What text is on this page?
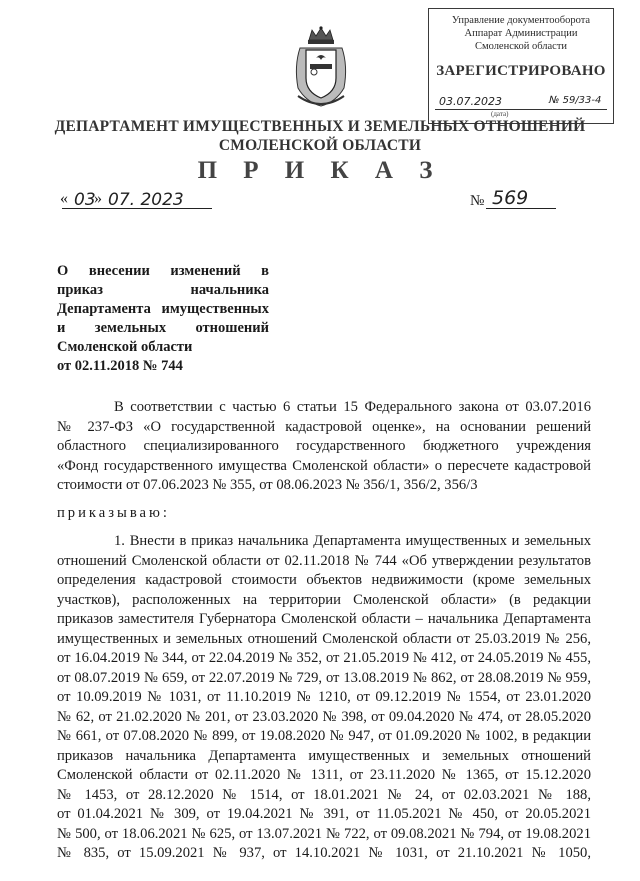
Управление документооборота
Аппарат Администрации
Смоленской области
ЗАРЕГИСТРИРОВАНО
03.07.2023	№ 59/33-4
(дата)
ДЕПАРТАМЕНТ ИМУЩЕСТВЕННЫХ И ЗЕМЕЛЬНЫХ ОТНОШЕНИЙ
СМОЛЕНСКОЙ ОБЛАСТИ
П Р И К А З
« 03
» 07. 2023	№ 569
О внесении изменений в
приказ начальника
Департамента имущественных
и земельных отношений
Смоленской области
от 02.11.2018 № 744
В соответствии с частью 6 статьи 15 Федерального закона от 03.07.2016
№ 237-ФЗ «О государственной кадастровой оценке», на основании решений
областного специализированного государственного бюджетного учреждения
«Фонд государственного имущества Смоленской области» о пересчете кадастровой
стоимости от 07.06.2023 № 355, от 08.06.2023 № 356/1, 356/2, 356/3
приказываю:
1. Внести в приказ начальника Департамента имущественных и земельных
отношений Смоленской области от 02.11.2018 № 744 «Об утверждении результатов
определения кадастровой стоимости объектов недвижимости (кроме земельных
участков), расположенных на территории Смоленской области» (в редакции
приказов заместителя Губернатора Смоленской области – начальника Департамента
имущественных и земельных отношений Смоленской области от 25.03.2019 № 256,
от 16.04.2019 № 344, от 22.04.2019 № 352, от 21.05.2019 № 412, от 24.05.2019 № 455,
от 08.07.2019 № 659, от 22.07.2019 № 729, от 13.08.2019 № 862, от 28.08.2019 № 959,
от 10.09.2019 № 1031, от 11.10.2019 № 1210, от 09.12.2019 № 1554, от 23.01.2020
№ 62, от 21.02.2020 № 201, от 23.03.2020 № 398, от 09.04.2020 № 474, от 28.05.2020
№ 661, от 07.08.2020 № 899, от 19.08.2020 № 947, от 01.09.2020 № 1002, в редакции
приказов начальника Департамента имущественных и земельных отношений
Смоленской области от 02.11.2020 № 1311, от 23.11.2020 № 1365, от 15.12.2020
№ 1453, от 28.12.2020 № 1514, от 18.01.2021 № 24, от 02.03.2021 № 188,
от 01.04.2021 № 309, от 19.04.2021 № 391, от 11.05.2021 № 450, от 20.05.2021
№ 500, от 18.06.2021 № 625, от 13.07.2021 № 722, от 09.08.2021 № 794, от 19.08.2021
№ 835, от 15.09.2021 № 937, от 14.10.2021 № 1031, от 21.10.2021 № 1050,
